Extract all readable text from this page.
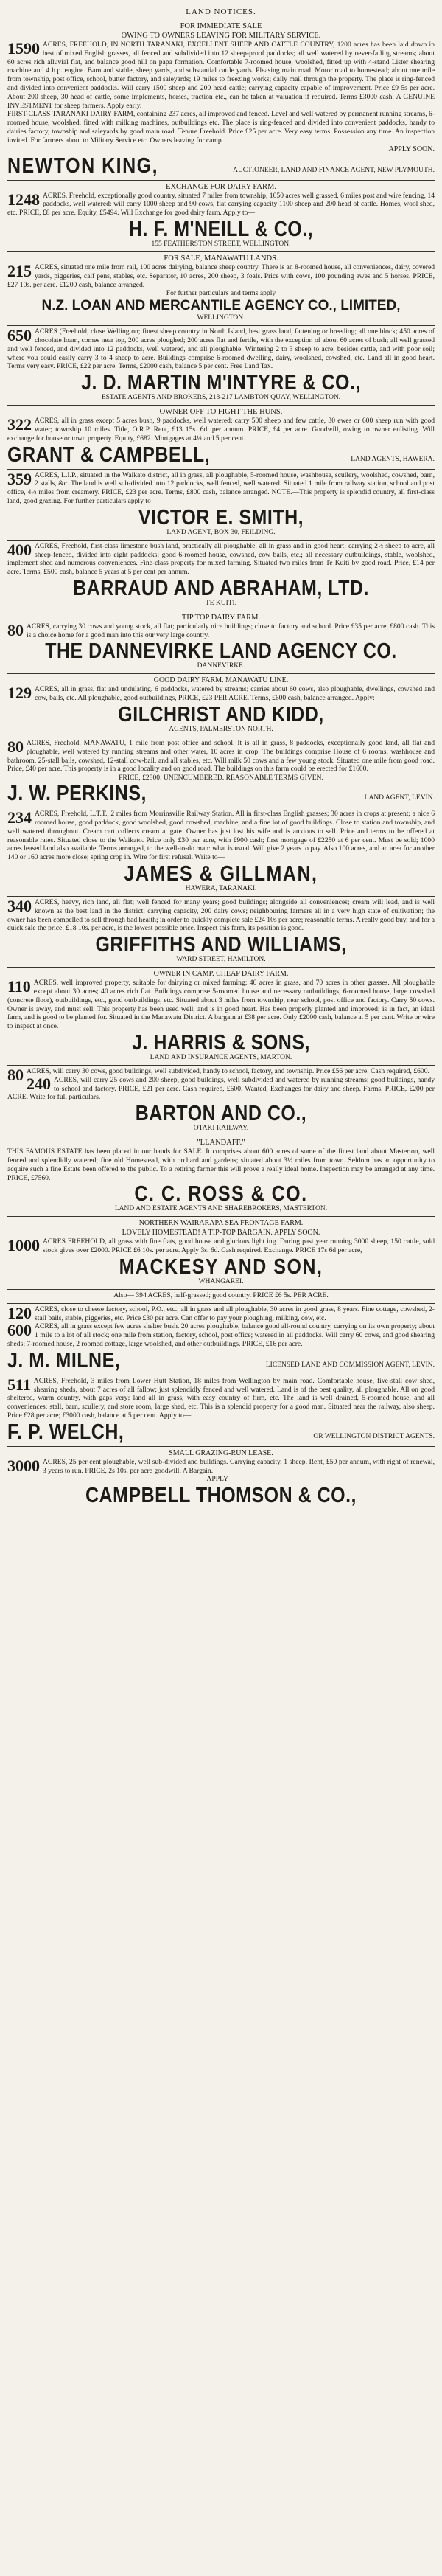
LAND NOTICES.
FOR IMMEDIATE SALE
OWING TO OWNERS LEAVING FOR MILITARY SERVICE.
1590 ACRES, FREEHOLD, IN NORTH TARANAKI, EXCELLENT SHEEP AND CATTLE COUNTRY, 1200 acres has been laid down in best of mixed English grasses, all fenced and subdivided into 12 sheep-proof paddocks; all well watered by never-failing streams; about 60 acres rich alluvial flat, and balance good hill on papa formation. Comfortable 7-roomed house, woolshed, fitted up with 4-stand Lister shearing machine and 4 h.p. engine. Barn and stable, sheep yards, and substantial cattle yards. Pleasing main road. Motor road to homestead; about one mile from township, post office, school, butter factory, and saleyards; 19 miles to freezing works; daily mail through the property. The place is ring-fenced and divided into convenient paddocks. Will carry 1500 sheep and 200 head cattle; carrying capacity capable of improvement. Price £9 5s per acre. About 200 sheep, 30 head of cattle, some implements, horses, traction etc., can be taken at valuation if required. Terms £3000 cash. A GENUINE INVESTMENT for sheep farmers. Apply early.
FIRST-CLASS TARANAKI DAIRY FARM, containing 237 acres, all improved and fenced. Level and well watered by permanent running streams, 6-roomed house, woolshed, fitted with milking machines, outbuildings etc. The place is ring-fenced and divided into convenient paddocks, handy to dairies factory, township and saleyards by good main road. Tenure Freehold. Price £25 per acre. Very easy terms. Possession any time. An inspection invited. For farmers about to Military Service etc. Owners leaving for camp.
APPLY SOON.
NEWTON KING,	AUCTIONEER, LAND AND FINANCE AGENT, NEW PLYMOUTH.
EXCHANGE FOR DAIRY FARM.
1248 ACRES, Freehold, exceptionally good country, situated 7 miles from township, 1050 acres well grassed, 6 miles post and wire fencing, 14 paddocks, well watered; will carry 1000 sheep and 90 cows, flat carrying capacity 1100 sheep and 200 head of cattle. Homes, wool shed, etc. PRICE, £8 per acre. Equity, £5494. Will Exchange for good dairy farm. Apply to—
H. F. M'NEILL & CO.,
155 FEATHERSTON STREET, WELLINGTON.
FOR SALE, MANAWATU LANDS.
215 ACRES, situated one mile from rail, 100 acres dairying, balance sheep country. There is an 8-roomed house, all conveniences, dairy, covered yards, piggeries, calf pens, stables, etc. Separator, 10 acres, 200 sheep, 3 foals. Price with cows, 100 pounding ewes and 5 horses. PRICE, £27 10s. per acre. £1200 cash, balance arranged.
For further particulars and terms apply
N.Z. LOAN AND MERCANTILE AGENCY CO., LIMITED,
WELLINGTON.
650 ACRES (Freehold, close Wellington; finest sheep country in North Island, best grass land, fattening or breeding; all one block; 450 acres of chocolate loam, comes near top, 200 acres ploughed; 200 acres flat and fertile, with the exception of about 60 acres of bush; all well grassed and well fenced, and divided into 12 paddocks, well watered, and all ploughable. Wintering 2 to 3 sheep to acre, besides cattle, and with poor soil; where you could easily carry 3 to 4 sheep to acre. Buildings comprise 6-roomed dwelling, dairy, woolshed, cowshed, etc. Land all in good heart. Terms very easy. PRICE, £22 per acre. Terms, £2000 cash, balance 5 per cent. Free Land Tax.
J. D. MARTIN M'INTYRE & CO.,
ESTATE AGENTS AND BROKERS, 213-217 LAMBTON QUAY, WELLINGTON.
OWNER OFF TO FIGHT THE HUNS.
322 ACRES, all in grass except 5 acres bush, 9 paddocks, well watered; carry 500 sheep and few cattle, 30 ewes or 600 sheep run with good water; township 10 miles. Title, O.R.P. Rent, £13 15s. 6d. per annum. PRICE, £4 per acre. Goodwill, owing to owner enlisting. Will exchange for house or town property. Equity, £682. Mortgages at 4¼ and 5 per cent.
GRANT & CAMPBELL,	LAND AGENTS, HAWERA.
359 ACRES, L.I.P., situated in the Waikato district, all in grass, all ploughable, 5-roomed house, washhouse, scullery, woolshed, cowshed, barn, 2 stalls, &c. The land is well sub-divided into 12 paddocks, well fenced, well watered. Situated 1 mile from railway station, school and post office, 4½ miles from creamery. PRICE, £23 per acre. Terms, £800 cash, balance arranged. NOTE.—This property is splendid country, all first-class land, good grazing. For further particulars apply to—
VICTOR E. SMITH,
LAND AGENT, BOX 30, FEILDING.
400 ACRES, Freehold, first-class limestone bush land, practically all ploughable, all in grass and in good heart; carrying 2½ sheep to acre, all sheep-fenced, divided into eight paddocks; good 6-roomed house, cowshed, cow bails, etc.; all necessary outbuildings, stable, woolshed, implement shed and numerous conveniences. Fine-class property for mixed farming. Situated two miles from Te Kuiti by good road. Price, £14 per acre. Terms, £500 cash, balance 5 years at 5 per cent per annum.
BARRAUD AND ABRAHAM, LTD.
TE KUITI.
TIP TOP DAIRY FARM.
80 ACRES, carrying 30 cows and young stock, all flat; particularly nice buildings; close to factory and school. Price £35 per acre, £800 cash. This is a choice home for a good man into this our very large country.
THE DANNEVIRKE LAND AGENCY CO.
DANNEVIRKE.
GOOD DAIRY FARM. MANAWATU LINE.
129 ACRES, all in grass, flat and undulating, 6 paddocks, watered by streams; carries about 60 cows, also ploughable, dwellings, cowshed and cow, bails, etc. All ploughable, good outbuildings, PRICE, £23 PER ACRE. Terms, £600 cash, balance arranged. Apply:—
GILCHRIST AND KIDD,
AGENTS, PALMERSTON NORTH.
80 ACRES, Freehold, MANAWATU, 1 mile from post office and school. It is all in grass, 8 paddocks, exceptionally good land, all flat and ploughable, well watered by running streams and other water, 10 acres in crop. The buildings comprise House of 6 rooms, washhouse and bathroom, 25-stall bails, cowshed, 12-stall cow-bail, and all stables, etc. Will milk 50 cows and a few young stock. Situated one mile from good road. Price, £40 per acre. This property is in a good locality and on good road. The buildings on this farm could be erected for £1600.
PRICE, £2800. UNENCUMBERED. REASONABLE TERMS GIVEN.
J. W. PERKINS,	LAND AGENT, LEVIN.
234 ACRES, Freehold, L.T.T., 2 miles from Morrinsville Railway Station. All in first-class English grasses; 30 acres in crops at present; a nice 6 roomed house, good paddock, good woolshed, good cowshed, machine, and a fine lot of good buildings. Close to station and township, and well watered throughout. Cream cart collects cream at gate. Owner has just lost his wife and is anxious to sell. Price and terms to be offered at reasonable rates. Situated close to the Waikato. Price only £30 per acre, with £900 cash; first mortgage of £2250 at 6 per cent. Must be sold; 1000 acres leased land also available. Terms arranged, to the well-to-do man: what is usual. Will give 2 years to pay. Also 100 acres, and an area for another 140 or 160 acres more close; spring crop in. Wire for first refusal. Write to—
JAMES & GILLMAN,
HAWERA, TARANAKI.
340 ACRES, heavy, rich land, all flat; well fenced for many years; good buildings; alongside all conveniences; cream will lead, and is well known as the best land in the district; carrying capacity, 200 dairy cows; neighbouring farmers all in a very high state of cultivation; the owner has been compelled to sell through bad health; in order to quickly complete sale £24 10s per acre; reasonable terms. A really good buy, and for a quick sale the price, £18 10s. per acre, is the lowest possible price. Inspect this farm, its position is good.
GRIFFITHS AND WILLIAMS,
WARD STREET, HAMILTON.
OWNER IN CAMP. CHEAP DAIRY FARM.
110 ACRES, well improved property, suitable for dairying or mixed farming; 40 acres in grass, and 70 acres in other grasses. All ploughable except about 30 acres; 40 acres rich flat. Buildings comprise 5-roomed house and necessary outbuildings, 6-roomed house, large cowshed (concrete floor), outbuildings, etc., good outbuildings, etc. Situated about 3 miles from township, near school, post office and factory. Carry 50 cows. Owner is away, and must sell. This property has been used well, and is in good heart. Has been properly planted and improved; is in fact, an ideal farm, and is good to be planted for. Situated in the Manawatu District. A bargain at £38 per acre. Only £2000 cash, balance at 5 per cent. Write or wire to inspect at once.
J. HARRIS & SONS,
LAND AND INSURANCE AGENTS, MARTON.
80 ACRES, will carry 30 cows, good buildings, well subdivided, handy to school, factory, and township. Price £56 per acre. Cash required, £600.
240 ACRES, will carry 25 cows and 200 sheep, good buildings, well subdivided and watered by running streams; good buildings, handy to school and factory. PRICE, £21 per acre. Cash required, £600. Wanted, Exchanges for dairy and sheep. Farms. PRICE, £200 per ACRE. Write for full particulars.
BARTON AND CO.,
OTAKI RAILWAY.
"LLANDAFF."
THIS FAMOUS ESTATE has been placed in our hands for SALE. It comprises about 600 acres of some of the finest land about Masterton, well fenced and splendidly watered; fine old Homestead, with orchard and gardens; situated about 3½ miles from town. Seldom has an opportunity to acquire such a fine Estate been offered to the public. To a retiring farmer this will prove a really ideal home. Inspection may be arranged at any time. PRICE, £7560.
C. C. ROSS & CO.
LAND AND ESTATE AGENTS AND SHAREBROKERS, MASTERTON.
NORTHERN WAIRARAPA SEA FRONTAGE FARM.
LOVELY HOMESTEAD! A TIP-TOP BARGAIN. APPLY SOON.
1000 ACRES FREEHOLD, all grass with fine flats, good house and glorious light ing. During past year running 3000 sheep, 150 cattle, sold stock gives over £2000. PRICE £6 10s. per acre. Apply 3s. 6d. Cash required. Exchange. PRICE 17s 6d per acre,
MACKESY AND SON,
WHANGAREI.
Also— 394 ACRES, half-grassed; good country. PRICE £6 5s. PER ACRE.
120 ACRES, close to cheese factory, school, P.O., etc.; all in grass and all ploughable, 30 acres in good grass, 8 years. Fine cottage, cowshed, 2-stall bails, stable, piggeries, etc. Price £30 per acre. Can offer to pay your ploughing, milking, cow, etc.
600 ACRES, all in grass except few acres shelter bush. 20 acres ploughable, balance good all-round country, carrying on its own property; about 1 mile to a lot of all stock; one mile from station, factory, school, post office; watered in all paddocks. Will carry 60 cows, and good shearing sheds; 7-roomed house, 2 roomed cottage, large woolshed, and other outbuildings. PRICE, £16 per acre.
J. M. MILNE,	LICENSED LAND AND COMMISSION AGENT, LEVIN.
511 ACRES, Freehold, 3 miles from Lower Hutt Station, 18 miles from Wellington by main road. Comfortable house, five-stall cow shed, shearing sheds, about 7 acres of all fallow; just splendidly fenced and well watered. Land is of the best quality, all ploughable. All on good sheltered, warm country, with gaps very; land all in grass, with easy country of firm, etc. The land is well drained, 5-roomed house, and all conveniences; stall, barn, scullery, and store room, large shed, etc. This is a splendid property for a good man. Situated near the railway, also sheep. Price £28 per acre; £3000 cash, balance at 5 per cent. Apply to—
F. P. WELCH,	OR WELLINGTON DISTRICT AGENTS.
SMALL GRAZING-RUN LEASE.
3000 ACRES, 25 per cent ploughable, well sub-divided and buildings. Carrying capacity, 1 sheep. Rent, £50 per annum, with right of renewal, 3 years to run. PRICE, 2s 10s. per acre goodwill. A Bargain.
APPLY—
CAMPBELL THOMSON & CO.,
